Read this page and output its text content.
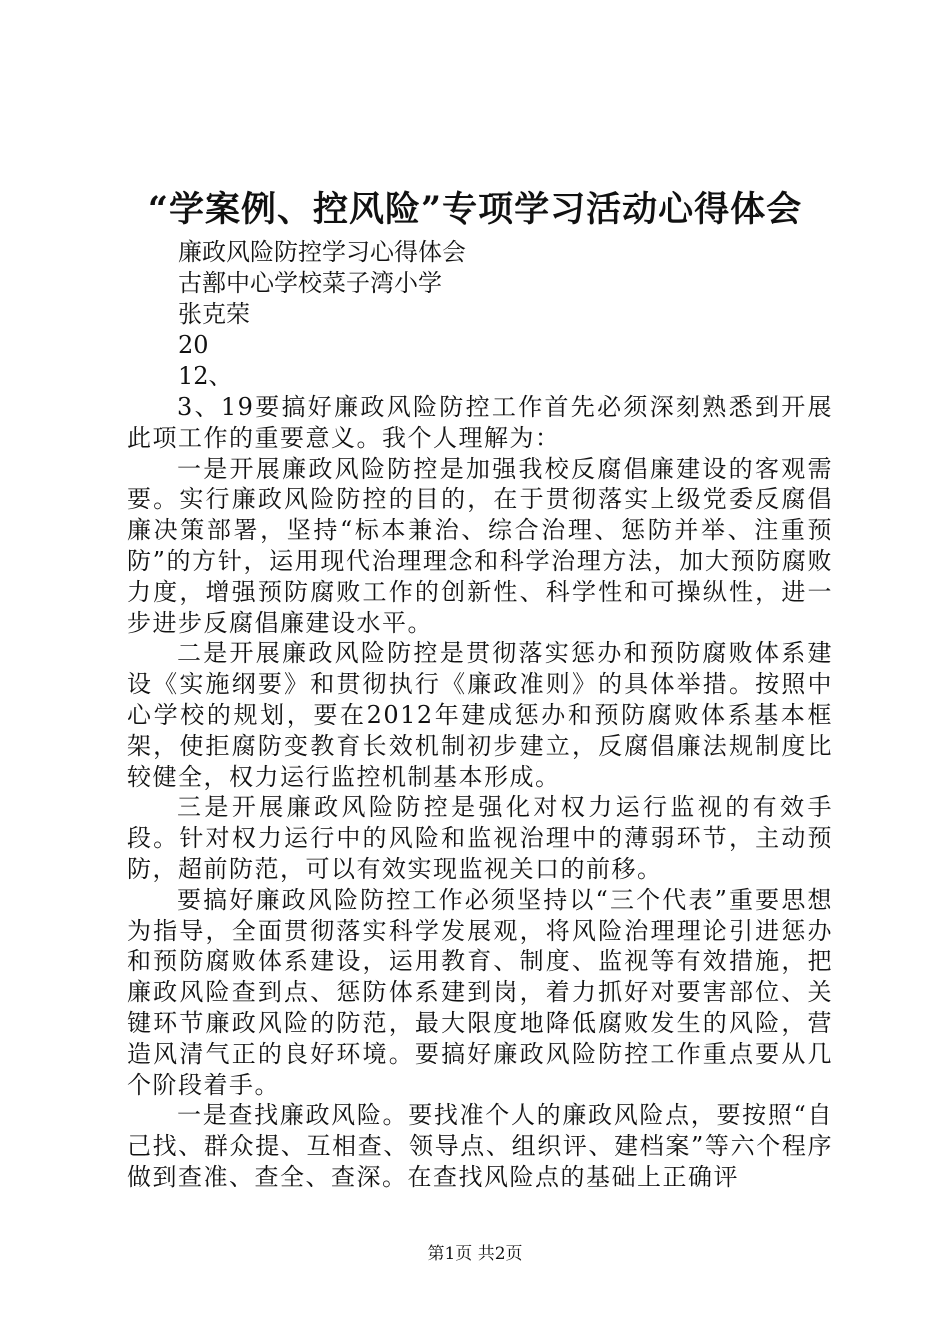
“学案例、控风险”专项学习活动心得体会

廉政风险防控学习心得体会

古鄯中心学校菜子湾小学

张克荣

20

12、

3、19要搞好廉政风险防控工作首先必须深刻熟悉到开展此项工作的重要意义。我个人理解为：

一是开展廉政风险防控是加强我校反腐倡廉建设的客观需要。实行廉政风险防控的目的，在于贯彻落实上级党委反腐倡廉决策部署，坚持“标本兼治、综合治理、惩防并举、注重预防”的方针，运用现代治理理念和科学治理方法，加大预防腐败力度，增强预防腐败工作的创新性、科学性和可操纵性，进一步进步反腐倡廉建设水平。

二是开展廉政风险防控是贯彻落实惩办和预防腐败体系建设《实施纲要》和贯彻执行《廉政准则》的具体举措。按照中心学校的规划，要在2012年建成惩办和预防腐败体系基本框架，使拒腐防变教育长效机制初步建立，反腐倡廉法规制度比较健全，权力运行监控机制基本形成。

三是开展廉政风险防控是强化对权力运行监视的有效手段。针对权力运行中的风险和监视治理中的薄弱环节，主动预防，超前防范，可以有效实现监视关口的前移。

要搞好廉政风险防控工作必须坚持以“三个代表”重要思想为指导，全面贯彻落实科学发展观，将风险治理理论引进惩办和预防腐败体系建设，运用教育、制度、监视等有效措施，把廉政风险查到点、惩防体系建到岗，着力抓好对要害部位、关键环节廉政风险的防范，最大限度地降低腐败发生的风险，营造风清气正的良好环境。要搞好廉政风险防控工作重点要从几个阶段着手。

一是查找廉政风险。要找准个人的廉政风险点，要按照“自己找、群众提、互相查、领导点、组织评、建档案”等六个程序做到查准、查全、查深。在查找风险点的基础上正确评

第1页 共2页
